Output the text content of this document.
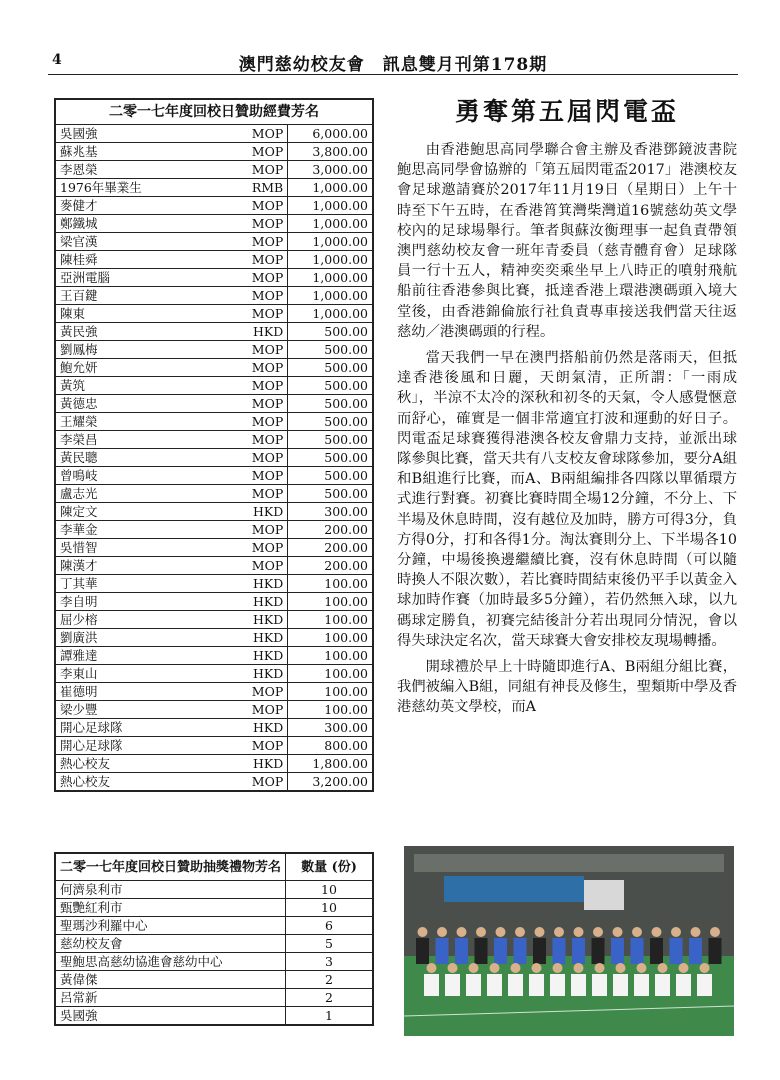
4	澳門慈幼校友會　訊息雙月刊第178期
二零一七年度回校日贊助經費芳名		
吳國強	MOP	6,000.00
蘇兆基	MOP	3,800.00
李恩榮	MOP	3,000.00
1976年畢業生	RMB	1,000.00
麥健才	MOP	1,000.00
鄭鐵城	MOP	1,000.00
梁官漢	MOP	1,000.00
陳桂舜	MOP	1,000.00
亞洲電腦	MOP	1,000.00
王百鍵	MOP	1,000.00
陳東	MOP	1,000.00
黃民強	HKD	500.00
劉鳳梅	MOP	500.00
鮑允妍	MOP	500.00
黃筑	MOP	500.00
黃德忠	MOP	500.00
王耀榮	MOP	500.00
李榮昌	MOP	500.00
黃民聰	MOP	500.00
曾鳴岐	MOP	500.00
盧志光	MOP	500.00
陳定文	HKD	300.00
李華金	MOP	200.00
吳惜智	MOP	200.00
陳漢才	MOP	200.00
丁其華	HKD	100.00
李自明	HKD	100.00
屈少榕	HKD	100.00
劉廣洪	HKD	100.00
譚雅達	HKD	100.00
李東山	HKD	100.00
崔德明	MOP	100.00
梁少豐	MOP	100.00
開心足球隊	HKD	300.00
開心足球隊	MOP	800.00
熱心校友	HKD	1,800.00
熱心校友	MOP	3,200.00
二零一七年度回校日贊助抽獎禮物芳名	數量 (份)
何濟泉利市	10
甄艷紅利市	10
聖瑪沙利羅中心	6
慈幼校友會	5
聖鮑思高慈幼協進會慈幼中心	3
黃偉傑	2
呂常新	2
吳國強	1
勇奪第五屆閃電盃

由香港鮑思高同學聯合會主辦及香港鄧鏡波書院鮑思高同學會協辦的「第五屆閃電盃2017」港澳校友會足球邀請賽於2017年11月19日（星期日）上午十時至下午五時，在香港筲箕灣柴灣道16號慈幼英文學校內的足球場舉行。筆者與蘇汝衡理事一起負責帶領澳門慈幼校友會一班年青委員（慈青體育會）足球隊員一行十五人，精神奕奕乘坐早上八時正的噴射飛航船前往香港參與比賽，抵達香港上環港澳碼頭入境大堂後，由香港錦倫旅行社負責專車接送我們當天往返慈幼／港澳碼頭的行程。

當天我們一早在澳門搭船前仍然是落雨天，但抵達香港後風和日麗，天朗氣清，正所謂：「一雨成秋」，半涼不太冷的深秋和初冬的天氣，令人感覺愜意而舒心，確實是一個非常適宜打波和運動的好日子。閃電盃足球賽獲得港澳各校友會鼎力支持，並派出球隊參與比賽，當天共有八支校友會球隊參加，要分A組和B組進行比賽，而A、B兩組編排各四隊以單循環方式進行對賽。初賽比賽時間全場12分鐘，不分上、下半場及休息時間，沒有越位及加時，勝方可得3分，負方得0分，打和各得1分。淘汰賽則分上、下半場各10分鐘，中場後換邊繼續比賽，沒有休息時間（可以隨時換人不限次數），若比賽時間結束後仍平手以黃金入球加時作賽（加時最多5分鐘），若仍然無入球，以九碼球定勝負，初賽完結後計分若出現同分情況，會以得失球決定名次，當天球賽大會安排校友現場轉播。

開球禮於早上十時隨即進行A、B兩組分組比賽，我們被編入B組，同組有神長及修生，聖類斯中學及香港慈幼英文學校，而A
